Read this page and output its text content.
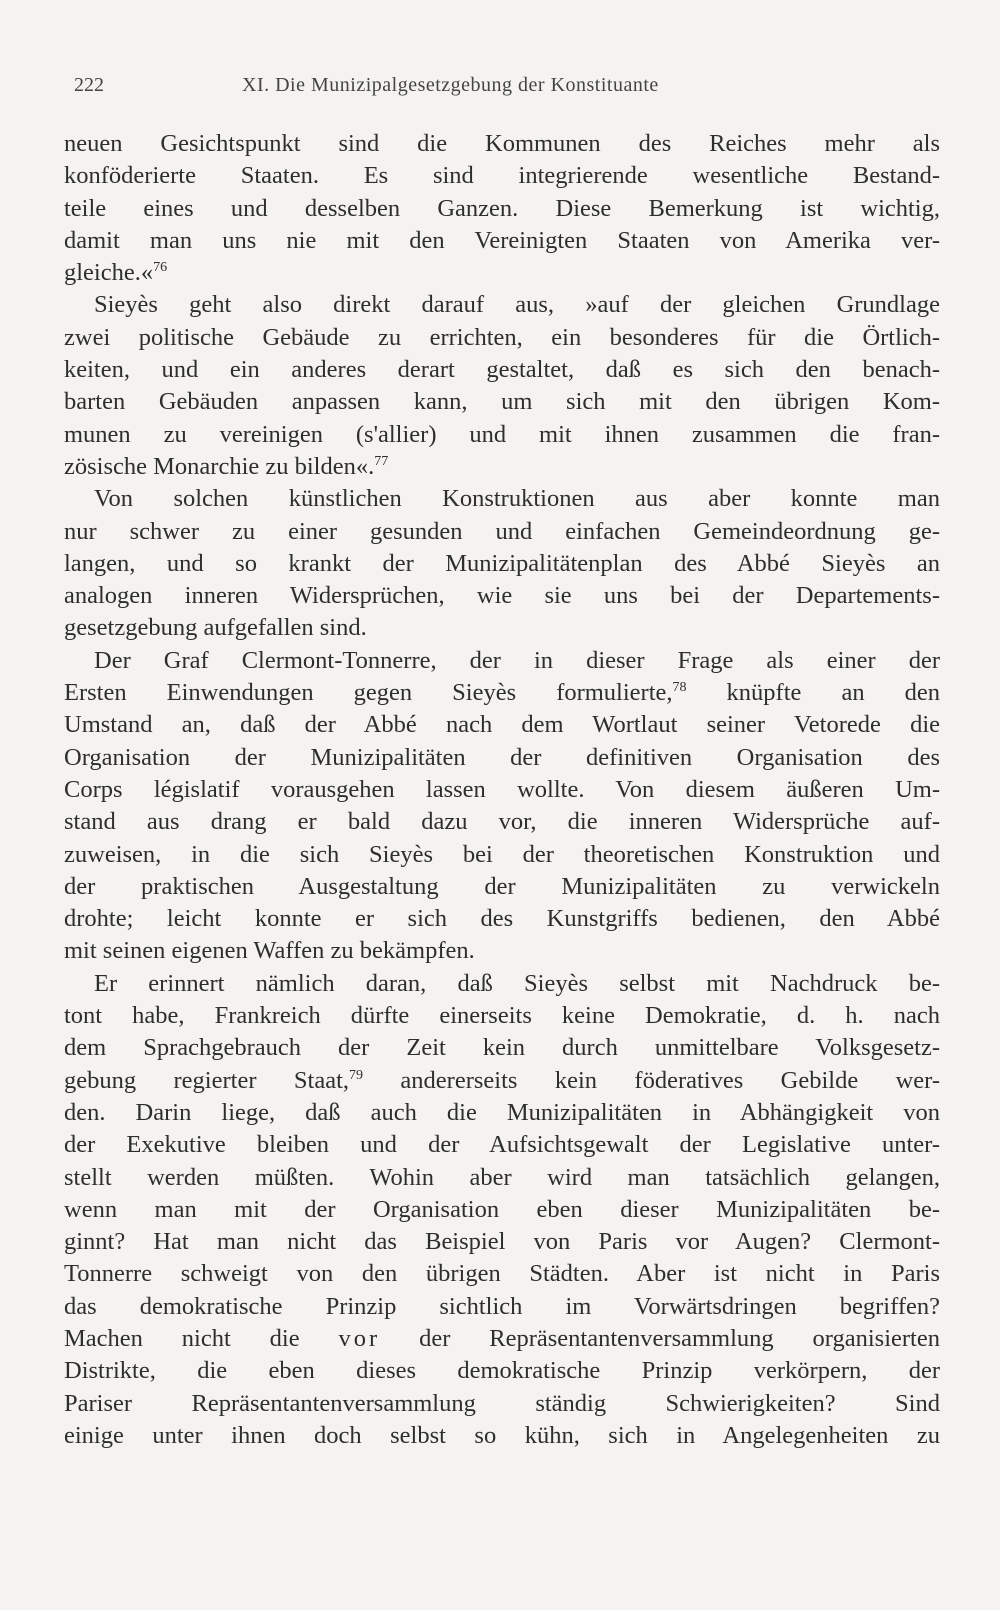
222	XI. Die Munizipalgesetzgebung der Konstituante
neuen Gesichtspunkt sind die Kommunen des Reiches mehr als
konföderierte Staaten. Es sind integrierende wesentliche Bestand-
teile eines und desselben Ganzen. Diese Bemerkung ist wichtig,
damit man uns nie mit den Vereinigten Staaten von Amerika ver-
gleiche.«$^{76}$
Sieyès geht also direkt darauf aus, »auf der gleichen Grundlage
zwei politische Gebäude zu errichten, ein besonderes für die Örtlich-
keiten, und ein anderes derart gestaltet, daß es sich den benach-
barten Gebäuden anpassen kann, um sich mit den übrigen Kom-
munen zu vereinigen (s'allier) und mit ihnen zusammen die fran-
zösische Monarchie zu bilden«.$^{77}$
Von solchen künstlichen Konstruktionen aus aber konnte man
nur schwer zu einer gesunden und einfachen Gemeindeordnung ge-
langen, und so krankt der Munizipalitätenplan des Abbé Sieyès an
analogen inneren Widersprüchen, wie sie uns bei der Departements-
gesetzgebung aufgefallen sind.
Der Graf Clermont-Tonnerre, der in dieser Frage als einer der
Ersten Einwendungen gegen Sieyès formulierte,$^{78}$ knüpfte an den
Umstand an, daß der Abbé nach dem Wortlaut seiner Vetorede die
Organisation der Munizipalitäten der definitiven Organisation des
Corps législatif vorausgehen lassen wollte. Von diesem äußeren Um-
stand aus drang er bald dazu vor, die inneren Widersprüche auf-
zuweisen, in die sich Sieyès bei der theoretischen Konstruktion und
der praktischen Ausgestaltung der Munizipalitäten zu verwickeln
drohte; leicht konnte er sich des Kunstgriffs bedienen, den Abbé
mit seinen eigenen Waffen zu bekämpfen.
Er erinnert nämlich daran, daß Sieyès selbst mit Nachdruck be-
tont habe, Frankreich dürfte einerseits keine Demokratie, d. h. nach
dem Sprachgebrauch der Zeit kein durch unmittelbare Volksgesetz-
gebung regierter Staat,$^{79}$ andererseits kein föderatives Gebilde wer-
den. Darin liege, daß auch die Munizipalitäten in Abhängigkeit von
der Exekutive bleiben und der Aufsichtsgewalt der Legislative unter-
stellt werden müßten. Wohin aber wird man tatsächlich gelangen,
wenn man mit der Organisation eben dieser Munizipalitäten be-
ginnt? Hat man nicht das Beispiel von Paris vor Augen? Clermont-
Tonnerre schweigt von den übrigen Städten. Aber ist nicht in Paris
das demokratische Prinzip sichtlich im Vorwärtsdringen begriffen?
Machen nicht die vor der Repräsentantenversammlung organisierten
Distrikte, die eben dieses demokratische Prinzip verkörpern, der
Pariser Repräsentantenversammlung ständig Schwierigkeiten? Sind
einige unter ihnen doch selbst so kühn, sich in Angelegenheiten zu
